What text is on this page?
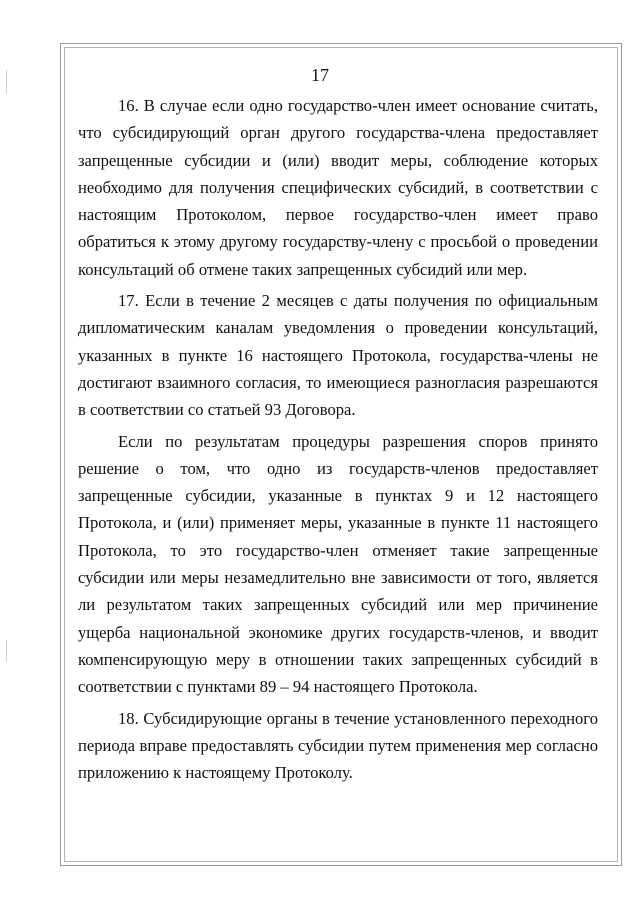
17

16. В случае если одно государство-член имеет основание считать, что субсидирующий орган другого государства-члена предоставляет запрещенные субсидии и (или) вводит меры, соблюдение которых необходимо для получения специфических субсидий, в соответствии с настоящим Протоколом, первое государство-член имеет право обратиться к этому другому государству-члену с просьбой о проведении консультаций об отмене таких запрещенных субсидий или мер.

17. Если в течение 2 месяцев с даты получения по официальным дипломатическим каналам уведомления о проведении консультаций, указанных в пункте 16 настоящего Протокола, государства-члены не достигают взаимного согласия, то имеющиеся разногласия разрешаются в соответствии со статьей 93 Договора.

Если по результатам процедуры разрешения споров принято решение о том, что одно из государств-членов предоставляет запрещенные субсидии, указанные в пунктах 9 и 12 настоящего Протокола, и (или) применяет меры, указанные в пункте 11 настоящего Протокола, то это государство-член отменяет такие запрещенные субсидии или меры незамедлительно вне зависимости от того, является ли результатом таких запрещенных субсидий или мер причинение ущерба национальной экономике других государств-членов, и вводит компенсирующую меру в отношении таких запрещенных субсидий в соответствии с пунктами 89 – 94 настоящего Протокола.

18. Субсидирующие органы в течение установленного переходного периода вправе предоставлять субсидии путем применения мер согласно приложению к настоящему Протоколу.
